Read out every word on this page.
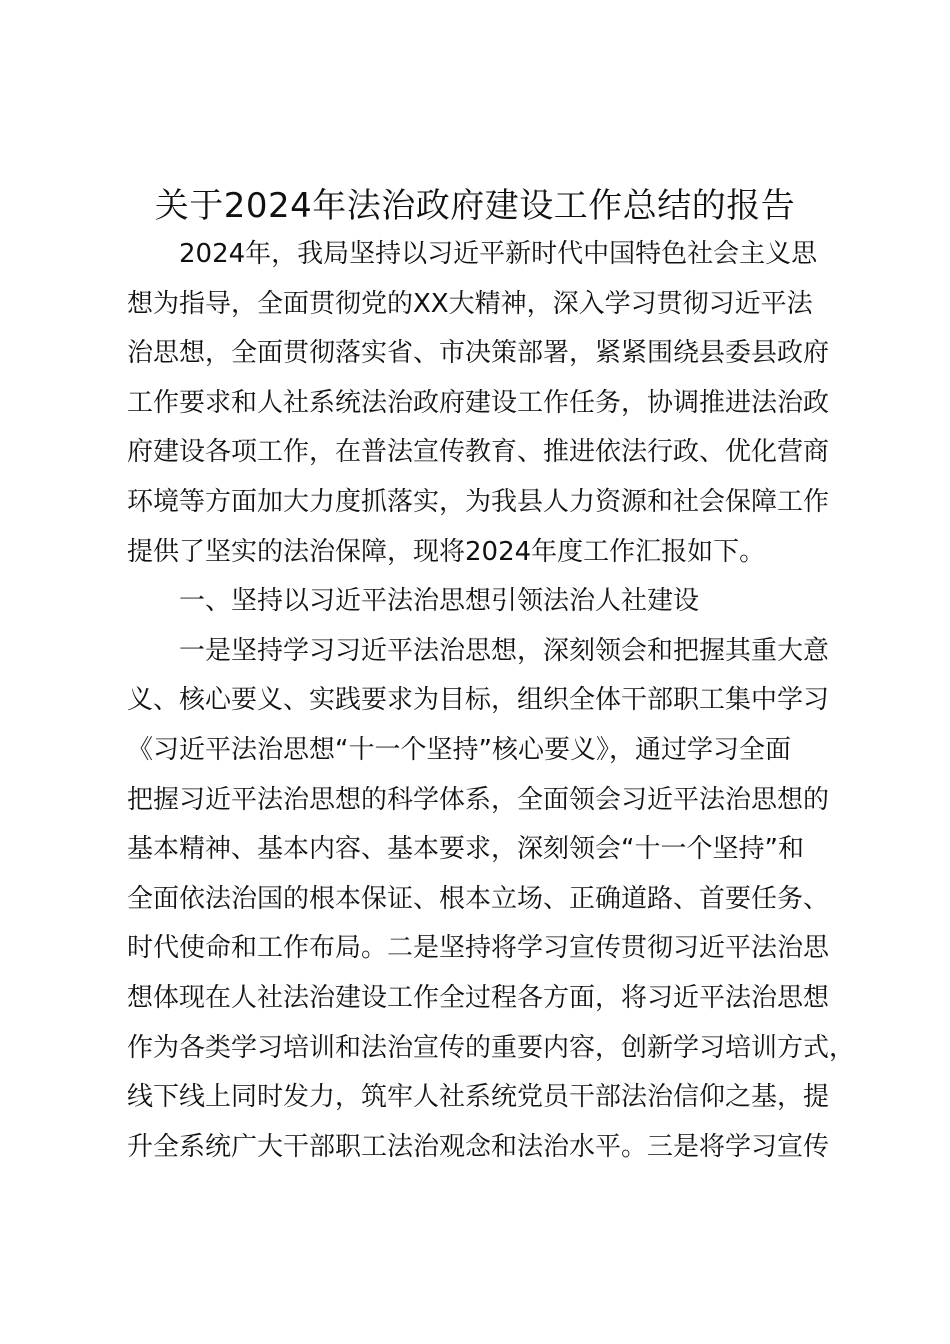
关于2024年法治政府建设工作总结的报告
2024年，我局坚持以习近平新时代中国特色社会主义思
想为指导，全面贯彻党的XX大精神，深入学习贯彻习近平法
治思想，全面贯彻落实省、市决策部署，紧紧围绕县委县政府
工作要求和人社系统法治政府建设工作任务，协调推进法治政
府建设各项工作，在普法宣传教育、推进依法行政、优化营商
环境等方面加大力度抓落实，为我县人力资源和社会保障工作
提供了坚实的法治保障，现将2024年度工作汇报如下。
一、坚持以习近平法治思想引领法治人社建设
一是坚持学习习近平法治思想，深刻领会和把握其重大意
义、核心要义、实践要求为目标，组织全体干部职工集中学习
《习近平法治思想“十一个坚持”核心要义》，通过学习全面
把握习近平法治思想的科学体系，全面领会习近平法治思想的
基本精神、基本内容、基本要求，深刻领会“十一个坚持”和
全面依法治国的根本保证、根本立场、正确道路、首要任务、
时代使命和工作布局。二是坚持将学习宣传贯彻习近平法治思
想体现在人社法治建设工作全过程各方面，将习近平法治思想
作为各类学习培训和法治宣传的重要内容，创新学习培训方式，
线下线上同时发力，筑牢人社系统党员干部法治信仰之基，提
升全系统广大干部职工法治观念和法治水平。三是将学习宣传
